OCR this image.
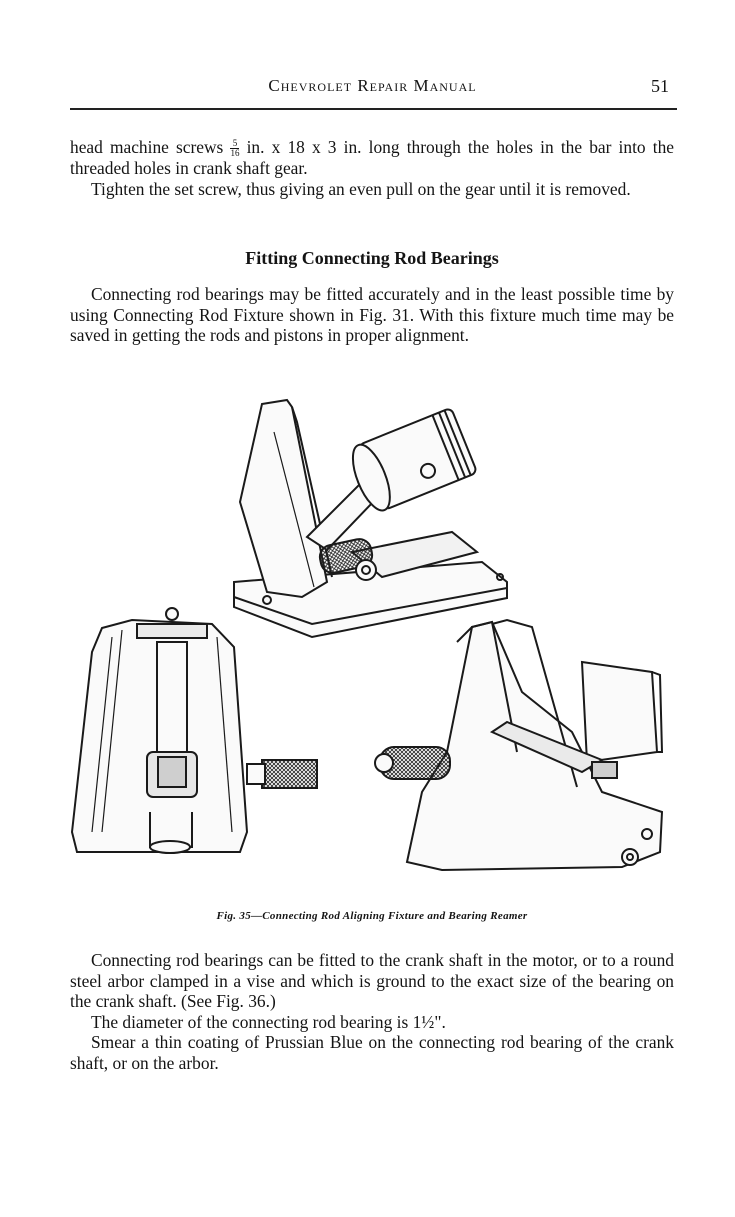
Chevrolet Repair Manual	51

head machine screws $\frac{5}{16}$ in. x 18 x 3 in. long through the holes in the bar into the threaded holes in crank shaft gear.

Tighten the set screw, thus giving an even pull on the gear until it is removed.

Fitting Connecting Rod Bearings

Connecting rod bearings may be fitted accurately and in the least possible time by using Connecting Rod Fixture shown in Fig. 31. With this fixture much time may be saved in getting the rods and pistons in proper alignment.

Fig. 35—Connecting Rod Aligning Fixture and Bearing Reamer

Connecting rod bearings can be fitted to the crank shaft in the motor, or to a round steel arbor clamped in a vise and which is ground to the exact size of the bearing on the crank shaft. (See Fig. 36.)

The diameter of the connecting rod bearing is 1½".

Smear a thin coating of Prussian Blue on the connecting rod bearing of the crank shaft, or on the arbor.
